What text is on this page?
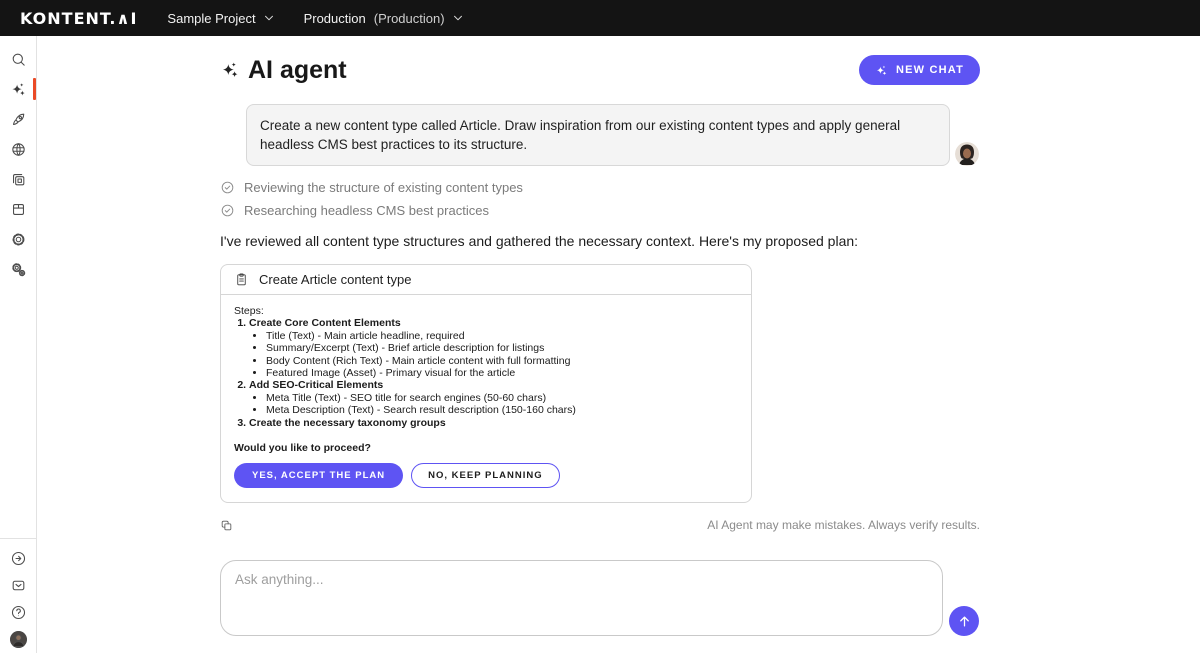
KONTENT.∧I Sample Project	Production (Production)
AI agent	NEW CHAT
Create a new content type called Article. Draw inspiration from our existing content types and apply general headless CMS best practices to its structure.
Reviewing the structure of existing content types
Researching headless CMS best practices

I've reviewed all content type structures and gathered the necessary context. Here's my proposed plan:

Create Article content type
Steps:
1. Create Core Content Elements
• Title (Text) - Main article headline, required
• Summary/Excerpt (Text) - Brief article description for listings
• Body Content (Rich Text) - Main article content with full formatting
• Featured Image (Asset) - Primary visual for the article
2. Add SEO-Critical Elements
• Meta Title (Text) - SEO title for search engines (50-60 chars)
• Meta Description (Text) - Search result description (150-160 chars)
3. Create the necessary taxonomy groups
Would you like to proceed?
YES, ACCEPT THE PLAN	NO, KEEP PLANNING
AI Agent may make mistakes. Always verify results.
Ask anything...
